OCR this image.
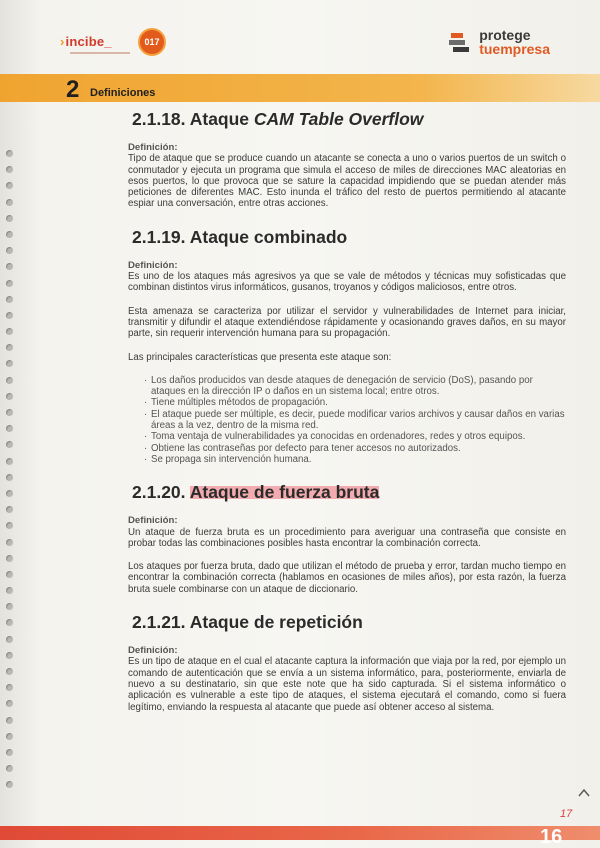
›incibe_	017	protege
tuempresa
2 Definiciones
2.1.18. Ataque CAM Table Overflow
Definición:

Tipo de ataque que se produce cuando un atacante se conecta a uno o varios puertos de un switch o conmutador y ejecuta un programa que simula el acceso de miles de direcciones MAC aleatorias en esos puertos, lo que provoca que se sature la capacidad impidiendo que se puedan atender más peticiones de diferentes MAC. Esto inunda el tráfico del resto de puertos permitiendo al atacante espiar una conversación, entre otras acciones.

2.1.19. Ataque combinado
Definición:

Es uno de los ataques más agresivos ya que se vale de métodos y técnicas muy sofisticadas que combinan distintos virus informáticos, gusanos, troyanos y códigos maliciosos, entre otros.

Esta amenaza se caracteriza por utilizar el servidor y vulnerabilidades de Internet para iniciar, transmitir y difundir el ataque extendiéndose rápidamente y ocasionando graves daños, en su mayor parte, sin requerir intervención humana para su propagación.

Las principales características que presenta este ataque son:

· Los daños producidos van desde ataques de denegación de servicio (DoS), pasando por ataques en la dirección IP o daños en un sistema local; entre otros.
· Tiene múltiples métodos de propagación.
· El ataque puede ser múltiple, es decir, puede modificar varios archivos y causar daños en varias áreas a la vez, dentro de la misma red.
· Toma ventaja de vulnerabilidades ya conocidas en ordenadores, redes y otros equipos.
· Obtiene las contraseñas por defecto para tener accesos no autorizados.
· Se propaga sin intervención humana.
2.1.20. Ataque de fuerza bruta
Definición:

Un ataque de fuerza bruta es un procedimiento para averiguar una contraseña que consiste en probar todas las combinaciones posibles hasta encontrar la combinación correcta.

Los ataques por fuerza bruta, dado que utilizan el método de prueba y error, tardan mucho tiempo en encontrar la combinación correcta (hablamos en ocasiones de miles años), por esta razón, la fuerza bruta suele combinarse con un ataque de diccionario.

2.1.21. Ataque de repetición
Definición:

Es un tipo de ataque en el cual el atacante captura la información que viaja por la red, por ejemplo un comando de autenticación que se envía a un sistema informático, para, posteriormente, enviarla de nuevo a su destinatario, sin que este note que ha sido capturada. Si el sistema informático o aplicación es vulnerable a este tipo de ataques, el sistema ejecutará el comando, como si fuera legítimo, enviando la respuesta al atacante que puede así obtener acceso al sistema.

17
16
